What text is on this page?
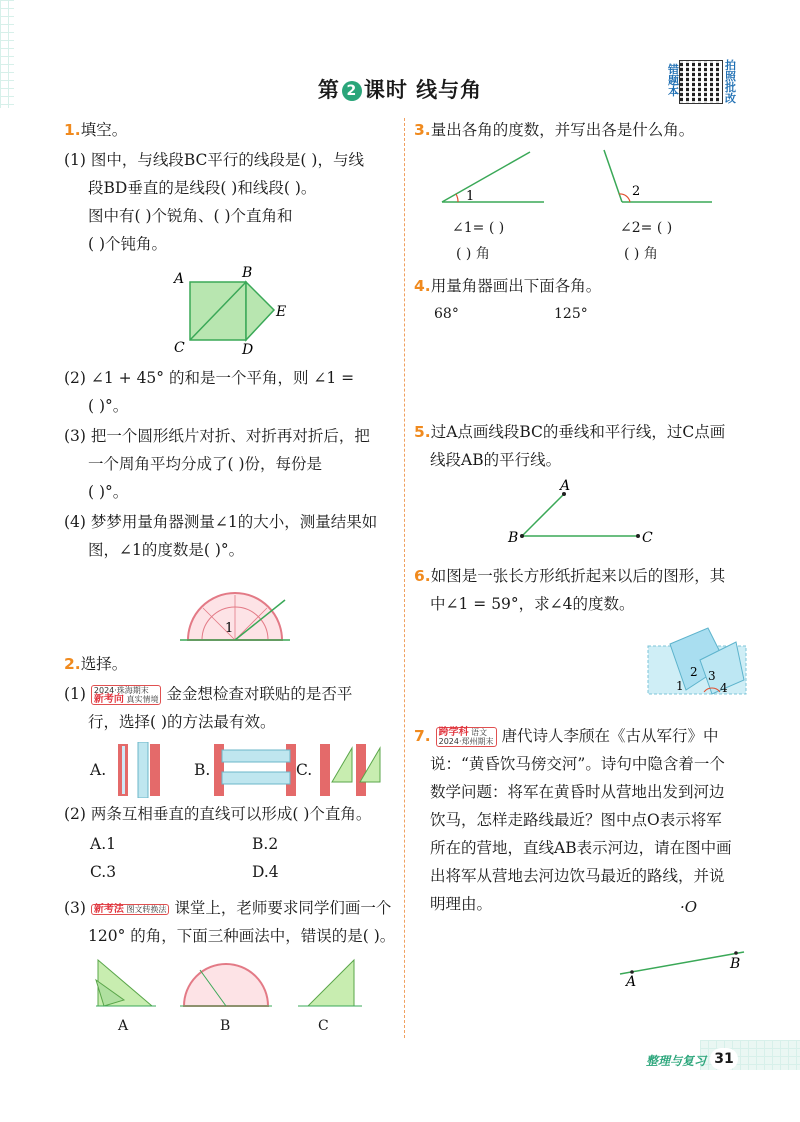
第 2 课时 线与角
错
题
本
拍
照
批
改
1.填空。
(1) 图中，与线段BC平行的线段是( )，与线
段BD垂直的是线段( )和线段( )。
图中有( )个锐角、( )个直角和
( )个钝角。
A	B
E
C	D
(2) ∠1 + 45° 的和是一个平角，则 ∠1 =
( )°。
(3) 把一个圆形纸片对折、对折再对折后，把
一个周角平均分成了( )份，每份是
( )°。
(4) 梦梦用量角器测量∠1的大小，测量结果如
图，∠1的度数是( )°。
1
2.选择。
(1) 2024·珠海期末
新考向 真实情境 金金想检查对联贴的是否平
行，选择( )的方法最有效。
A.	B.	C.
(2) 两条互相垂直的直线可以形成( )个直角。
A.1	B.2
C.3	D.4
(3) 新考法 图文转换法 课堂上，老师要求同学们画一个
120° 的角，下面三种画法中，错误的是( )。
A	B	C
3.量出各角的度数，并写出各是什么角。
1	2
∠1= ( )	∠2= ( )
( ) 角	( ) 角
4.用量角器画出下面各角。
68°	125°
5.过A点画线段BC的垂线和平行线，过C点画
线段AB的平行线。
A
B	C
6.如图是一张长方形纸折起来以后的图形，其
中∠1 = 59°，求∠4的度数。
1
2 3
4
7. 跨学科 语文
2024·郑州期末 唐代诗人李颀在《古从军行》中
说：“黄昏饮马傍交河”。诗句中隐含着一个
数学问题：将军在黄昏时从营地出发到河边
饮马，怎样走路线最近？图中点O表示将军
所在的营地，直线AB表示河边，请在图中画
出将军从营地去河边饮马最近的路线，并说
明理由。	·O
A
B
整理与复习 31
